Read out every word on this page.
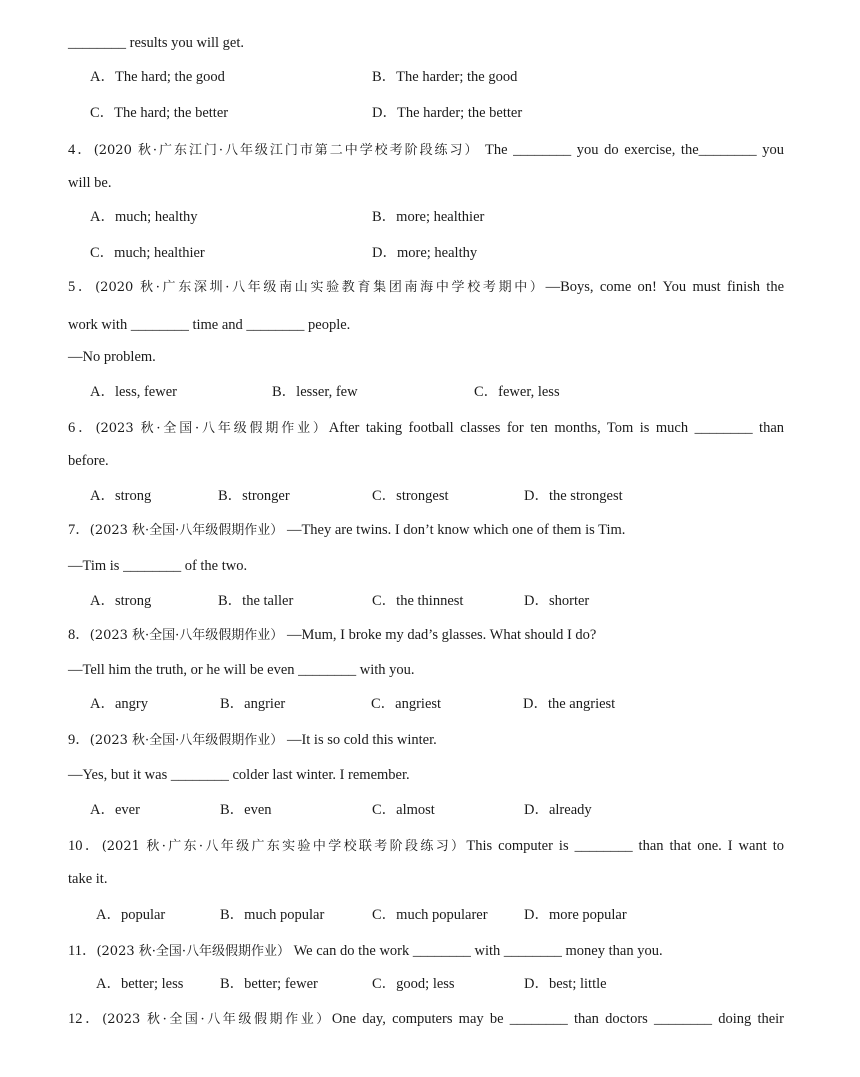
________ results you will get.
A．The hard; the good	B．The harder; the good
C．The hard; the better	D．The harder; the better
4．(2020 秋·广东江门·八年级江门市第二中学校考阶段练习） The ________ you do exercise, the________ you
will be.
A．much; healthy	B．more; healthier
C．much; healthier	D．more; healthy
5．(2020 秋·广东深圳·八年级南山实验教育集团南海中学校考期中）—Boys, come on! You must finish the
work with ________ time and ________ people.
—No problem.
A．less, fewer	B．lesser, few	C．fewer, less
6．(2023 秋·全国·八年级假期作业）After taking football classes for ten months, Tom is much ________ than
before.
A．strong	B．stronger	C．strongest	D．the strongest
7．(2023 秋·全国·八年级假期作业） —They are twins. I don’t know which one of them is Tim.
—Tim is ________ of the two.
A．strong	B．the taller	C．the thinnest	D．shorter
8．(2023 秋·全国·八年级假期作业） —Mum, I broke my dad’s glasses. What should I do?
—Tell him the truth, or he will be even ________ with you.
A．angry	B．angrier	C．angriest	D．the angriest
9．(2023 秋·全国·八年级假期作业） —It is so cold this winter.
—Yes, but it was ________ colder last winter. I remember.
A．ever	B．even	C．almost	D．already
10．(2021 秋·广东·八年级广东实验中学校联考阶段练习）This computer is ________ than that one. I want to
take it.
A．popular	B．much popular	C．much popularer	D．more popular
11．(2023 秋·全国·八年级假期作业） We can do the work ________ with ________ money than you.
A．better; less	B．better; fewer	C．good; less	D．best; little
12．(2023 秋·全国·八年级假期作业）One day, computers may be ________ than doctors ________ doing their
